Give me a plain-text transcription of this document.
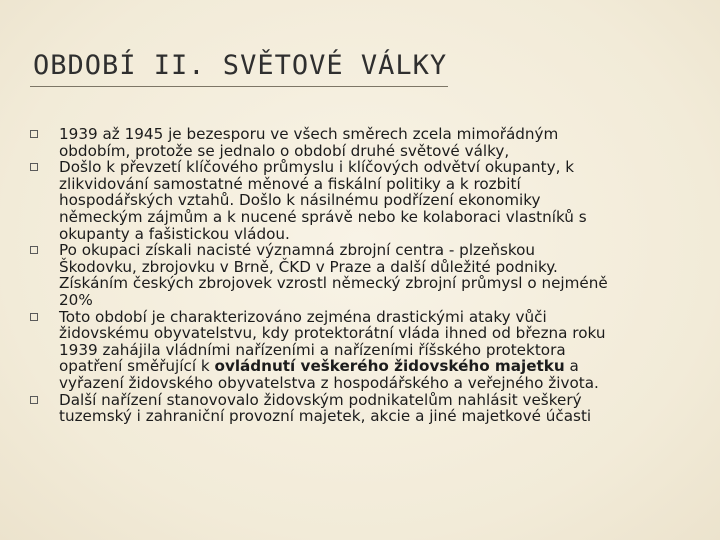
OBDOBÍ II. SVĚTOVÉ VÁLKY
1939 až 1945 je bezesporu ve všech směrech zcela mimořádným
obdobím, protože se jednalo o období druhé světové války,
Došlo k převzetí klíčového průmyslu i klíčových odvětví okupanty, k
zlikvidování samostatné měnové a fiskální politiky a k rozbití
hospodářských vztahů. Došlo k násilnému podřízení ekonomiky
německým zájmům a k nucené správě nebo ke kolaboraci vlastníků s
okupanty a fašistickou vládou.
Po okupaci získali nacisté významná zbrojní centra - plzeňskou
Škodovku, zbrojovku v Brně, ČKD v Praze a další důležité podniky.
Získáním českých zbrojovek vzrostl německý zbrojní průmysl o nejméně
20%
Toto období je charakterizováno zejména drastickými ataky vůči
židovskému obyvatelstvu, kdy protektorátní vláda ihned od března roku
1939 zahájila vládními nařízeními a nařízeními říšského protektora
opatření směřující k ovládnutí veškerého židovského majetku a
vyřazení židovského obyvatelstva z hospodářského a veřejného života.
Další nařízení stanovovalo židovským podnikatelům nahlásit veškerý
tuzemský i zahraniční provozní majetek, akcie a jiné majetkové účasti
